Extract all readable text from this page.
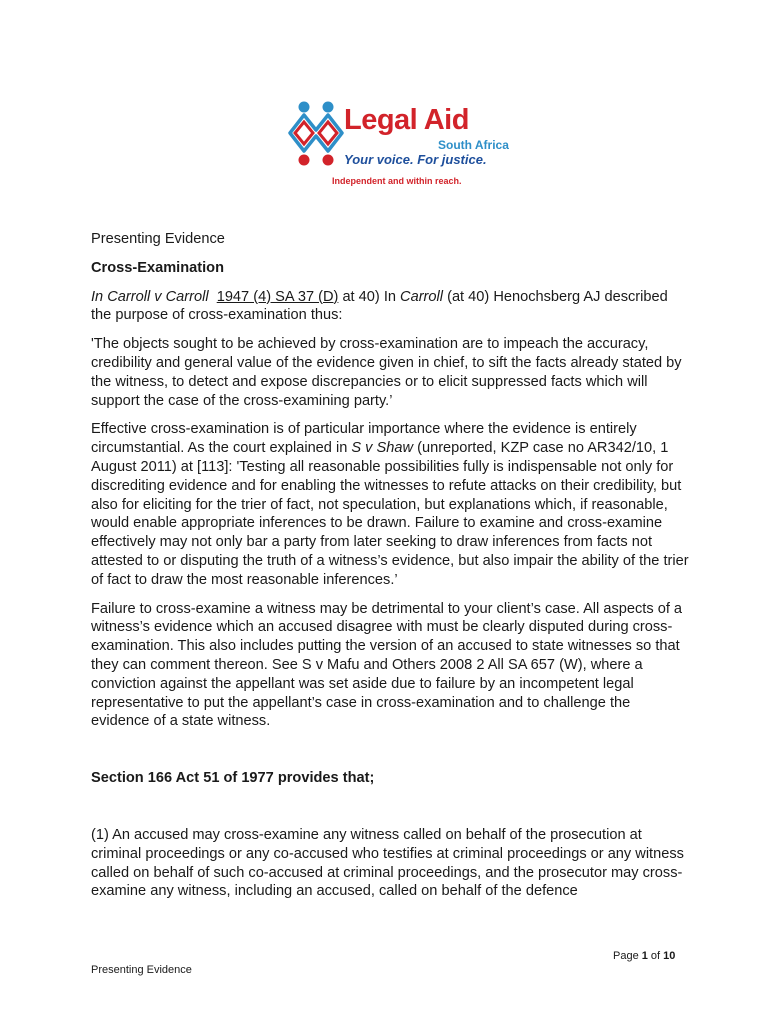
Legal Aid
South Africa
Your voice. For justice.
Independent and within reach.

Presenting Evidence

Cross-Examination

In Carroll v Carroll 1947 (4) SA 37 (D) at 40) In Carroll (at 40) Henochsberg AJ described the purpose of cross-examination thus:

'The objects sought to be achieved by cross-examination are to impeach the accuracy, credibility and general value of the evidence given in chief, to sift the facts already stated by the witness, to detect and expose discrepancies or to elicit suppressed facts which will support the case of the cross-examining party.’

Effective cross-examination is of particular importance where the evidence is entirely circumstantial. As the court explained in S v Shaw (unreported, KZP case no AR342/10, 1 August 2011) at [113]: 'Testing all reasonable possibilities fully is indispensable not only for discrediting evidence and for enabling the witnesses to refute attacks on their credibility, but also for eliciting for the trier of fact, not speculation, but explanations which, if reasonable, would enable appropriate inferences to be drawn. Failure to examine and cross-examine effectively may not only bar a party from later seeking to draw inferences from facts not attested to or disputing the truth of a witness’s evidence, but also impair the ability of the trier of fact to draw the most reasonable inferences.’

Failure to cross-examine a witness may be detrimental to your client’s case. All aspects of a witness’s evidence which an accused disagree with must be clearly disputed during cross-examination. This also includes putting the version of an accused to state witnesses so that they can comment thereon. See S v Mafu and Others 2008 2 All SA 657 (W), where a conviction against the appellant was set aside due to failure by an incompetent legal representative to put the appellant’s case in cross-examination and to challenge the evidence of a state witness.

Section 166 Act 51 of 1977 provides that;

(1) An accused may cross-examine any witness called on behalf of the prosecution at criminal proceedings or any co-accused who testifies at criminal proceedings or any witness called on behalf of such co-accused at criminal proceedings, and the prosecutor may cross-examine any witness, including an accused, called on behalf of the defence

Page 1 of 10
Presenting Evidence
